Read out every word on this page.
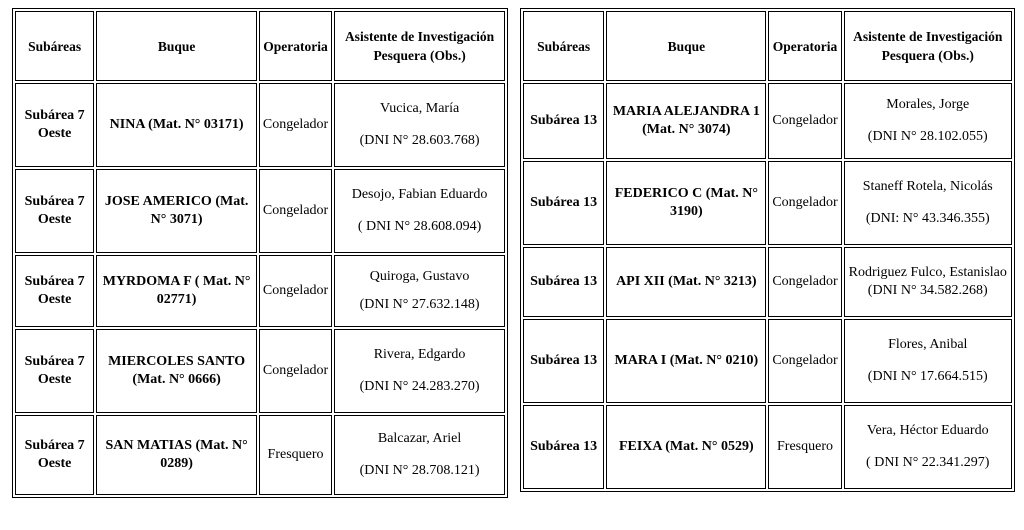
Subáreas	Buque	Operatoria	Asistente de Investigación Pesquera (Obs.)
Subárea 7 Oeste	NINA (Mat. N° 03171)	Congelador	Vucica, María
(DNI N° 28.603.768)

Subárea 7 Oeste	JOSE AMERICO (Mat. N° 3071)	Congelador	Desojo, Fabian Eduardo
( DNI N° 28.608.094)

Subárea 7 Oeste	MYRDOMA F ( Mat. N° 02771)	Congelador	Quiroga, Gustavo
(DNI N° 27.632.148)

Subárea 7 Oeste	MIERCOLES SANTO (Mat. N° 0666)	Congelador	Rivera, Edgardo
(DNI N° 24.283.270)

Subárea 7 Oeste	SAN MATIAS (Mat. N° 0289)	Fresquero	Balcazar, Ariel
(DNI N° 28.708.121)
Subáreas	Buque	Operatoria	Asistente de Investigación Pesquera (Obs.)
Subárea 13	MARIA ALEJANDRA 1 (Mat. N° 3074)	Congelador	Morales, Jorge
(DNI N° 28.102.055)

Subárea 13	FEDERICO C (Mat. N° 3190)	Congelador	Staneff Rotela, Nicolás
(DNI: N° 43.346.355)

Subárea 13	API XII (Mat. N° 3213)	Congelador	Rodriguez Fulco, Estanislao
(DNI N° 34.582.268)

Subárea 13	MARA I (Mat. N° 0210)	Congelador	Flores, Anibal
(DNI N° 17.664.515)

Subárea 13	FEIXA (Mat. N° 0529)	Fresquero	Vera, Héctor Eduardo
( DNI N° 22.341.297)
